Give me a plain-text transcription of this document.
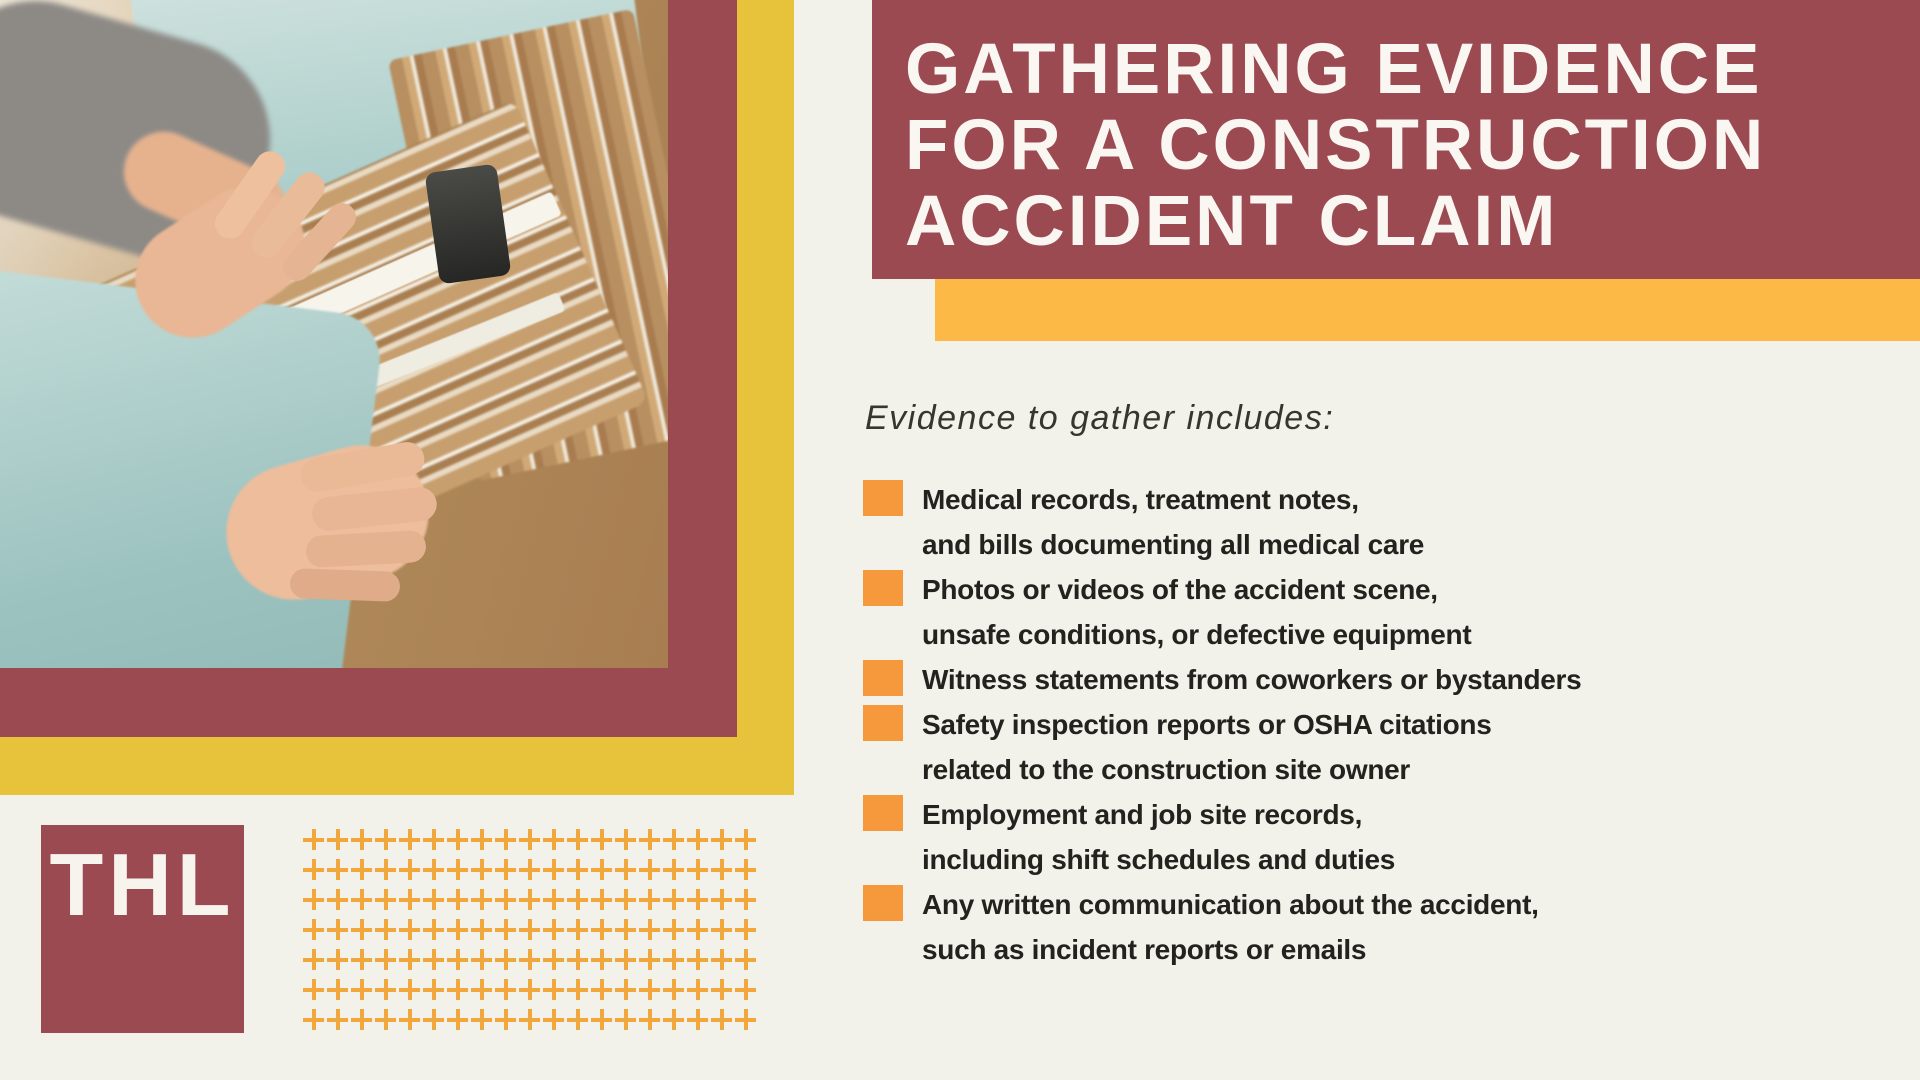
GATHERING EVIDENCE
FOR A CONSTRUCTION
ACCIDENT CLAIM
Evidence to gather includes:
Medical records, treatment notes,
and bills documenting all medical care
Photos or videos of the accident scene,
unsafe conditions, or defective equipment
Witness statements from coworkers or bystanders
Safety inspection reports or OSHA citations
related to the construction site owner
Employment and job site records,
including shift schedules and duties
Any written communication about the accident,
such as incident reports or emails
THL
